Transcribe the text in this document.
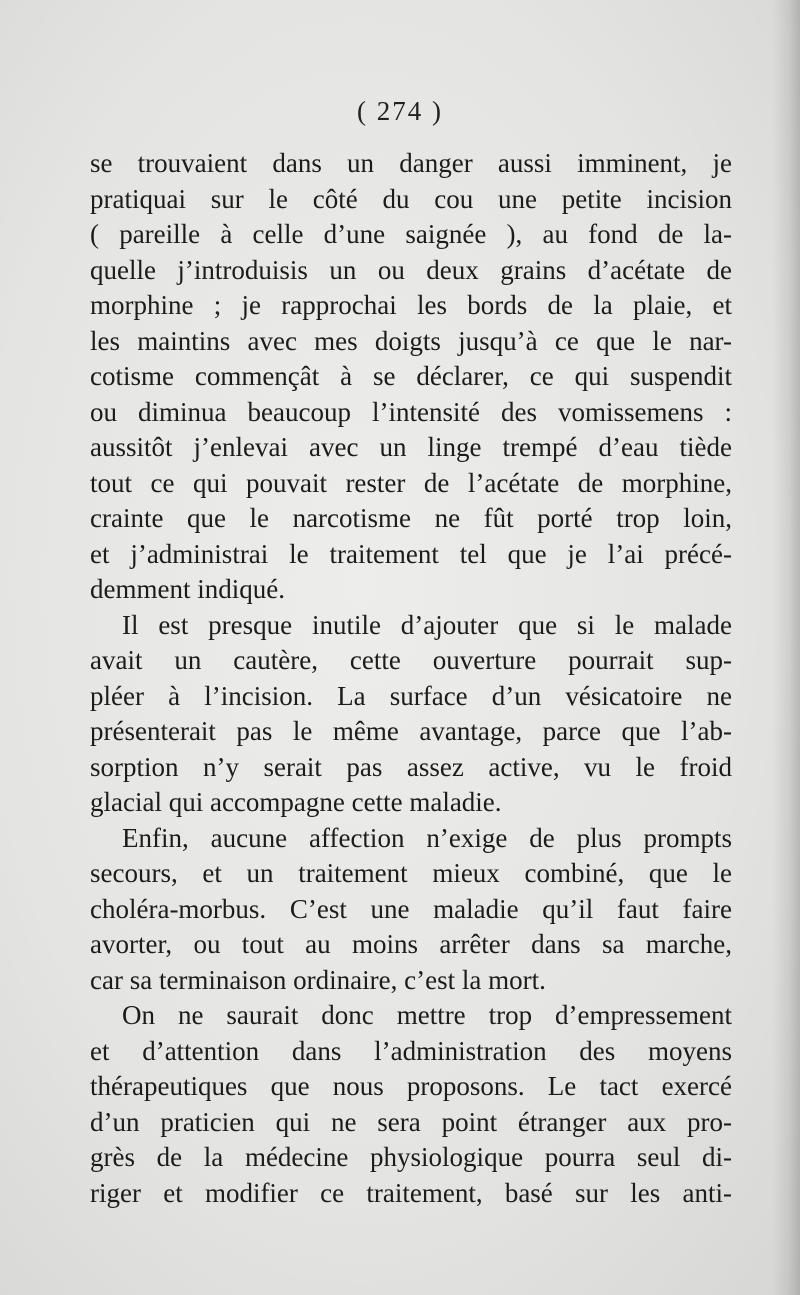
( 274 )
se trouvaient dans un danger aussi imminent, je
pratiquai sur le côté du cou une petite incision
( pareille à celle d’une saignée ), au fond de la-
quelle j’introduisis un ou deux grains d’acétate de
morphine ; je rapprochai les bords de la plaie, et
les maintins avec mes doigts jusqu’à ce que le nar-
cotisme commençât à se déclarer, ce qui suspendit
ou diminua beaucoup l’intensité des vomissemens :
aussitôt j’enlevai avec un linge trempé d’eau tiède
tout ce qui pouvait rester de l’acétate de morphine,
crainte que le narcotisme ne fût porté trop loin,
et j’administrai le traitement tel que je l’ai précé-
demment indiqué.
Il est presque inutile d’ajouter que si le malade
avait un cautère, cette ouverture pourrait sup-
pléer à l’incision. La surface d’un vésicatoire ne
présenterait pas le même avantage, parce que l’ab-
sorption n’y serait pas assez active, vu le froid
glacial qui accompagne cette maladie.
Enfin, aucune affection n’exige de plus prompts
secours, et un traitement mieux combiné, que le
choléra-morbus. C’est une maladie qu’il faut faire
avorter, ou tout au moins arrêter dans sa marche,
car sa terminaison ordinaire, c’est la mort.
On ne saurait donc mettre trop d’empressement
et d’attention dans l’administration des moyens
thérapeutiques que nous proposons. Le tact exercé
d’un praticien qui ne sera point étranger aux pro-
grès de la médecine physiologique pourra seul di-
riger et modifier ce traitement, basé sur les anti-
